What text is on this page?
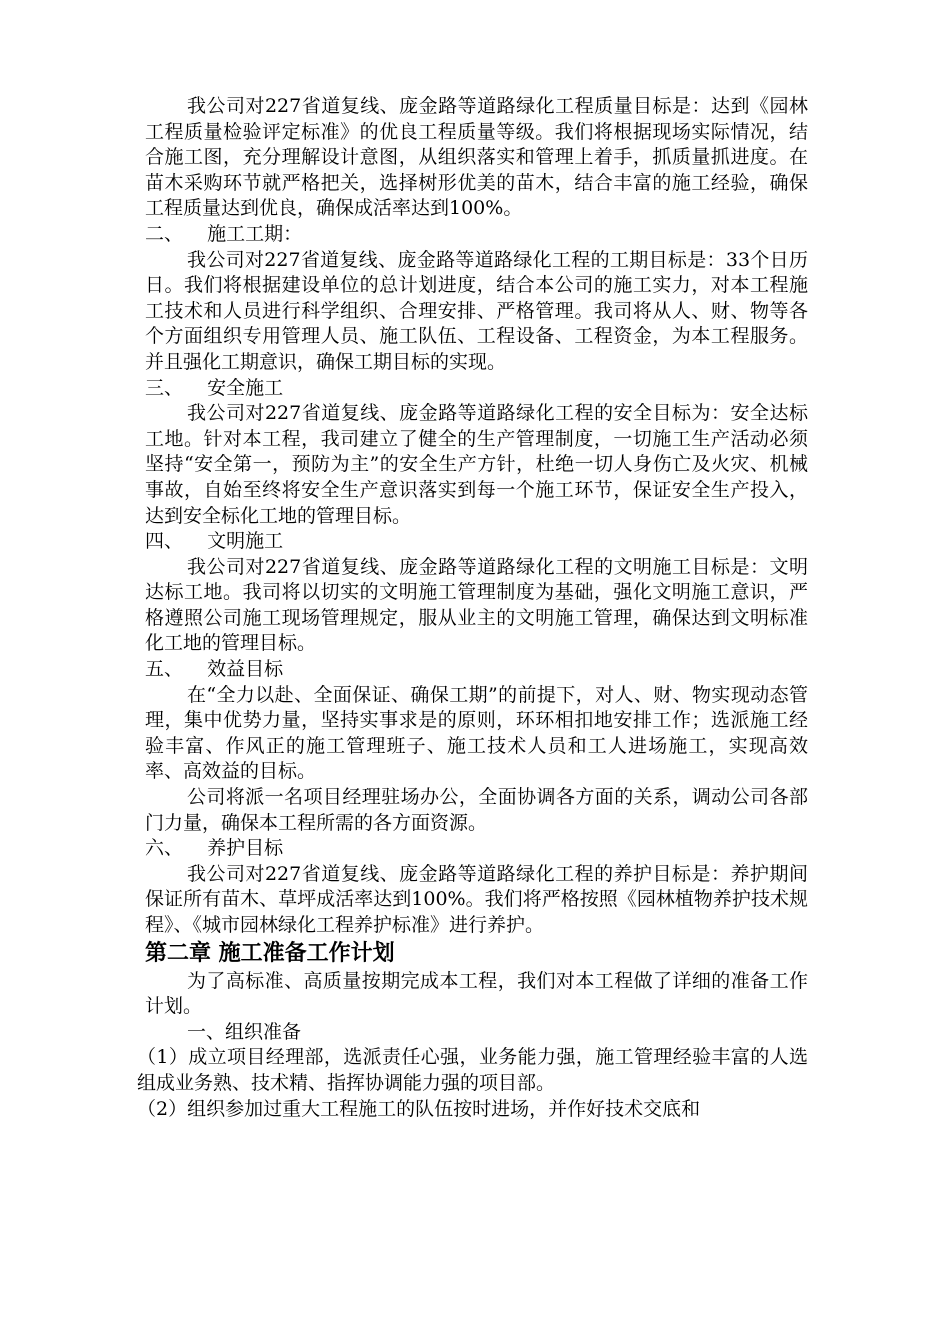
我公司对227省道复线、庞金路等道路绿化工程质量目标是：达到《园林工程质量检验评定标准》的优良工程质量等级。我们将根据现场实际情况，结合施工图，充分理解设计意图，从组织落实和管理上着手，抓质量抓进度。在苗木采购环节就严格把关，选择树形优美的苗木，结合丰富的施工经验，确保工程质量达到优良，确保成活率达到100%。

二、    施工工期：

我公司对227省道复线、庞金路等道路绿化工程的工期目标是：33个日历日。我们将根据建设单位的总计划进度，结合本公司的施工实力，对本工程施工技术和人员进行科学组织、合理安排、严格管理。我司将从人、财、物等各个方面组织专用管理人员、施工队伍、工程设备、工程资金，为本工程服务。并且强化工期意识，确保工期目标的实现。

三、    安全施工

我公司对227省道复线、庞金路等道路绿化工程的安全目标为：安全达标工地。针对本工程，我司建立了健全的生产管理制度，一切施工生产活动必须坚持“安全第一，预防为主”的安全生产方针，杜绝一切人身伤亡及火灾、机械事故，自始至终将安全生产意识落实到每一个施工环节，保证安全生产投入，达到安全标化工地的管理目标。

四、    文明施工

我公司对227省道复线、庞金路等道路绿化工程的文明施工目标是：文明达标工地。我司将以切实的文明施工管理制度为基础，强化文明施工意识，严格遵照公司施工现场管理规定，服从业主的文明施工管理，确保达到文明标准化工地的管理目标。

五、    效益目标

在“全力以赴、全面保证、确保工期”的前提下，对人、财、物实现动态管理，集中优势力量，坚持实事求是的原则，环环相扣地安排工作；选派施工经验丰富、作风正的施工管理班子、施工技术人员和工人进场施工，实现高效率、高效益的目标。

公司将派一名项目经理驻场办公，全面协调各方面的关系，调动公司各部门力量，确保本工程所需的各方面资源。

六、    养护目标

我公司对227省道复线、庞金路等道路绿化工程的养护目标是：养护期间保证所有苗木、草坪成活率达到100%。我们将严格按照《园林植物养护技术规程》、《城市园林绿化工程养护标准》进行养护。

第二章 施工准备工作计划

为了高标准、高质量按期完成本工程，我们对本工程做了详细的准备工作计划。

一、组织准备

（1）成立项目经理部，选派责任心强，业务能力强，施工管理经验丰富的人选组成业务熟、技术精、指挥协调能力强的项目部。

（2）组织参加过重大工程施工的队伍按时进场，并作好技术交底和
